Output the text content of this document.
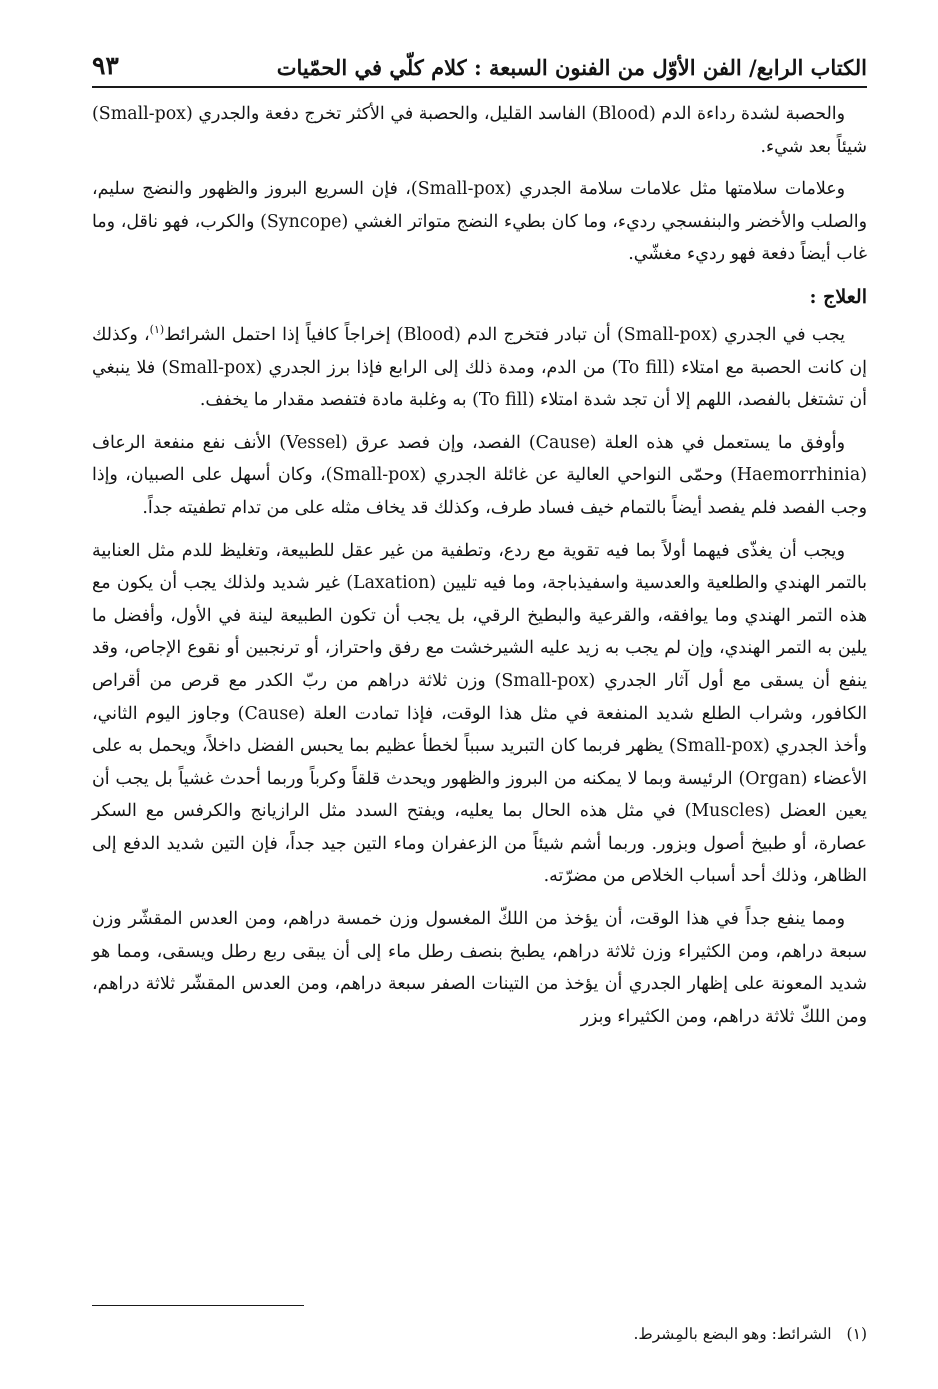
الكتاب الرابع/ الفن الأوّل من الفنون السبعة : كلام كلّي في الحمّيات
٩٣

والحصبة لشدة رداءة الدم (Blood) الفاسد القليل، والحصبة في الأكثر تخرج دفعة والجدري (Small-pox) شيئاً بعد شيء.

وعلامات سلامتها مثل علامات سلامة الجدري (Small-pox)، فإن السريع البروز والظهور والنضج سليم، والصلب والأخضر والبنفسجي رديء، وما كان بطيء النضج متواتر الغشي (Syncope) والكرب، فهو ناقل، وما غاب أيضاً دفعة فهو رديء مغشّي.

العلاج :

يجب في الجدري (Small-pox) أن تبادر فتخرج الدم (Blood) إخراجاً كافياً إذا احتمل الشرائط$^{(١)}$، وكذلك إن كانت الحصبة مع امتلاء (To fill) من الدم، ومدة ذلك إلى الرابع فإذا برز الجدري (Small-pox) فلا ينبغي أن تشتغل بالفصد، اللهم إلا أن تجد شدة امتلاء (To fill) به وغلبة مادة فتفصد مقدار ما يخفف.

وأوفق ما يستعمل في هذه العلة (Cause) الفصد، وإن فصد عرق (Vessel) الأنف نفع منفعة الرعاف (Haemorrhinia) وحمّى النواحي العالية عن غائلة الجدري (Small-pox)، وكان أسهل على الصبيان، وإذا وجب الفصد فلم يفصد أيضاً بالتمام خيف فساد طرف، وكذلك قد يخاف مثله على من تدام تطفيته جداً.

ويجب أن يغذّى فيهما أولاً بما فيه تقوية مع ردع، وتطفية من غير عقل للطبيعة، وتغليظ للدم مثل العنابية بالتمر الهندي والطلعية والعدسية واسفيذباجة، وما فيه تليين (Laxation) غير شديد ولذلك يجب أن يكون مع هذه التمر الهندي وما يوافقه، والقرعية والبطيخ الرقي، بل يجب أن تكون الطبيعة لينة في الأول، وأفضل ما يلين به التمر الهندي، وإن لم يجب به زيد عليه الشيرخشت مع رفق واحتراز، أو ترنجبين أو نقوع الإجاص، وقد ينفع أن يسقى مع أول آثار الجدري (Small-pox) وزن ثلاثة دراهم من ربّ الكدر مع قرص من أقراص الكافور، وشراب الطلع شديد المنفعة في مثل هذا الوقت، فإذا تمادت العلة (Cause) وجاوز اليوم الثاني، وأخذ الجدري (Small-pox) يظهر فربما كان التبريد سبباً لخطأ عظيم بما يحبس الفضل داخلاً، ويحمل به على الأعضاء (Organ) الرئيسة وبما لا يمكنه من البروز والظهور ويحدث قلقاً وكرباً وربما أحدث غشياً بل يجب أن يعين العضل (Muscles) في مثل هذه الحال بما يعليه، ويفتح السدد مثل الرازيانج والكرفس مع السكر عصارة، أو طبيخ أصول وبزور. وربما أشم شيئاً من الزعفران وماء التين جيد جداً، فإن التين شديد الدفع إلى الظاهر، وذلك أحد أسباب الخلاص من مضرّته.

ومما ينفع جداً في هذا الوقت، أن يؤخذ من اللكّ المغسول وزن خمسة دراهم، ومن العدس المقشّر وزن سبعة دراهم، ومن الكثيراء وزن ثلاثة دراهم، يطبخ بنصف رطل ماء إلى أن يبقى ربع رطل ويسقى، ومما هو شديد المعونة على إظهار الجدري أن يؤخذ من التينات الصفر سبعة دراهم، ومن العدس المقشّر ثلاثة دراهم، ومن اللكّ ثلاثة دراهم، ومن الكثيراء وبزر

(١) الشرائط: وهو البضع بالمِشرط.
